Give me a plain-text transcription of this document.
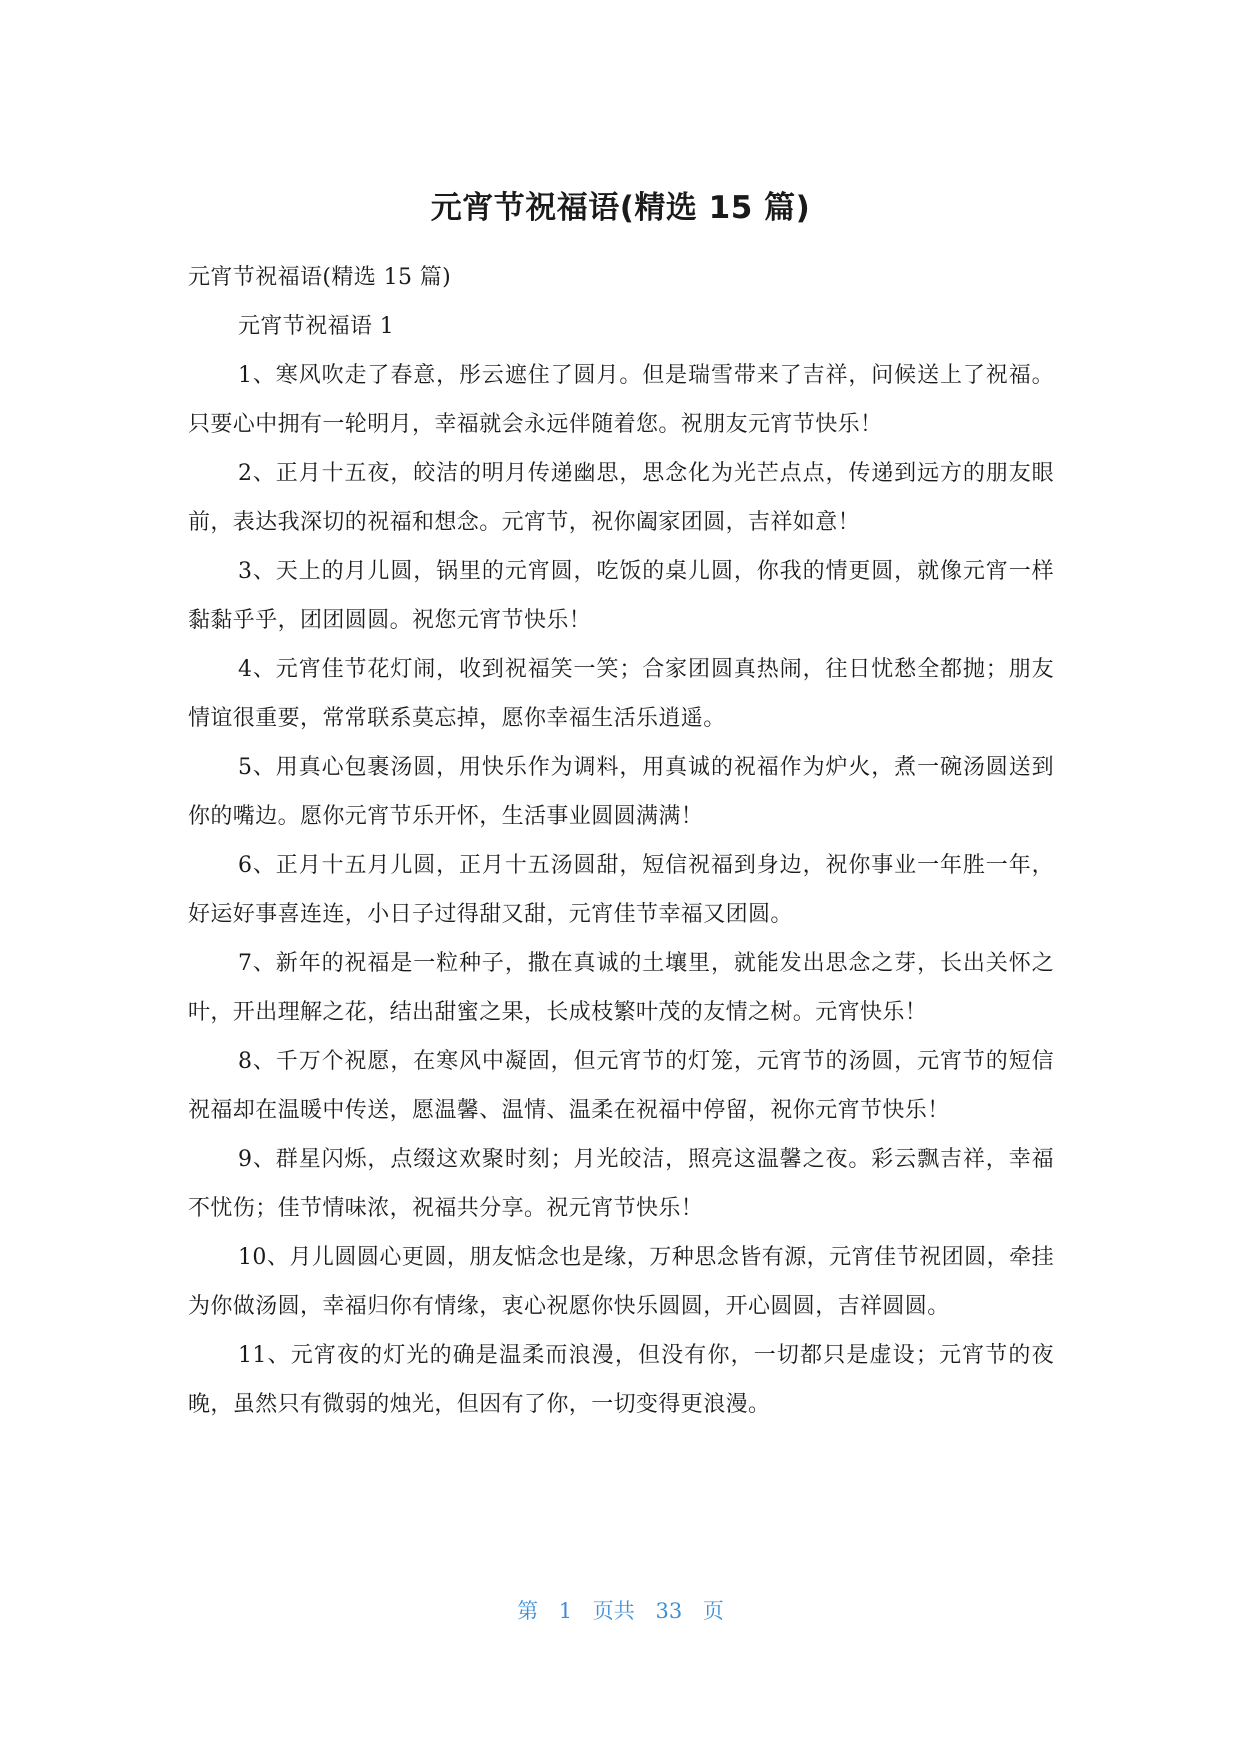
元宵节祝福语(精选 15 篇)

元宵节祝福语(精选 15 篇)

元宵节祝福语 1

1、寒风吹走了春意，彤云遮住了圆月。但是瑞雪带来了吉祥，问候送上了祝福。只要心中拥有一轮明月，幸福就会永远伴随着您。祝朋友元宵节快乐！

2、正月十五夜，皎洁的明月传递幽思，思念化为光芒点点，传递到远方的朋友眼前，表达我深切的祝福和想念。元宵节，祝你阖家团圆，吉祥如意！

3、天上的月儿圆，锅里的元宵圆，吃饭的桌儿圆，你我的情更圆，就像元宵一样黏黏乎乎，团团圆圆。祝您元宵节快乐！

4、元宵佳节花灯闹，收到祝福笑一笑；合家团圆真热闹，往日忧愁全都抛；朋友情谊很重要，常常联系莫忘掉，愿你幸福生活乐逍遥。

5、用真心包裹汤圆，用快乐作为调料，用真诚的祝福作为炉火，煮一碗汤圆送到你的嘴边。愿你元宵节乐开怀，生活事业圆圆满满！

6、正月十五月儿圆，正月十五汤圆甜，短信祝福到身边，祝你事业一年胜一年，好运好事喜连连，小日子过得甜又甜，元宵佳节幸福又团圆。

7、新年的祝福是一粒种子，撒在真诚的土壤里，就能发出思念之芽，长出关怀之叶，开出理解之花，结出甜蜜之果，长成枝繁叶茂的友情之树。元宵快乐！

8、千万个祝愿，在寒风中凝固，但元宵节的灯笼，元宵节的汤圆，元宵节的短信祝福却在温暖中传送，愿温馨、温情、温柔在祝福中停留，祝你元宵节快乐！

9、群星闪烁，点缀这欢聚时刻；月光皎洁，照亮这温馨之夜。彩云飘吉祥，幸福不忧伤；佳节情味浓，祝福共分享。祝元宵节快乐！

10、月儿圆圆心更圆，朋友惦念也是缘，万种思念皆有源，元宵佳节祝团圆，牵挂为你做汤圆，幸福归你有情缘，衷心祝愿你快乐圆圆，开心圆圆，吉祥圆圆。

11、元宵夜的灯光的确是温柔而浪漫，但没有你，一切都只是虚设；元宵节的夜晚，虽然只有微弱的烛光，但因有了你，一切变得更浪漫。

第 1 页共 33 页
